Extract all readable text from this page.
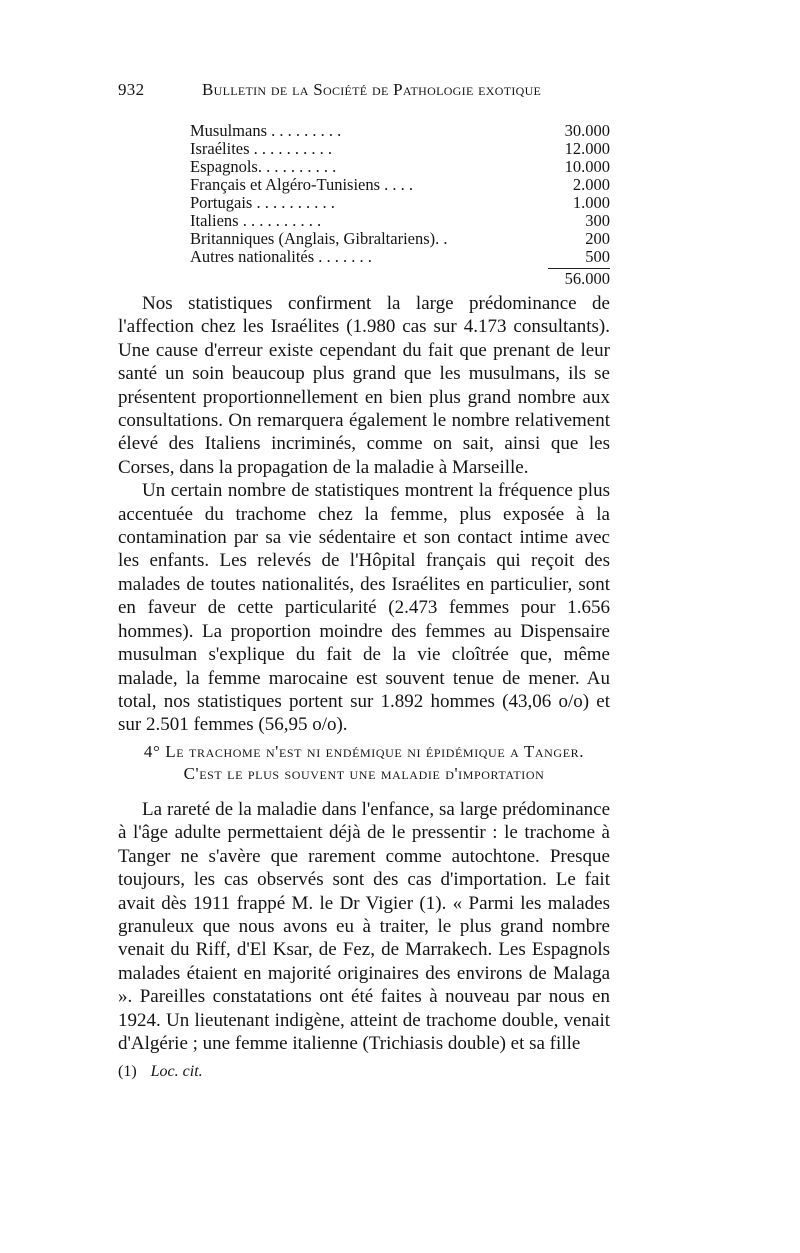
932	Bulletin de la Société de Pathologie exotique
Musulmans . . . . . . . . .	30.000
Israélites . . . . . . . . . .	12.000
Espagnols. . . . . . . . . .	10.000
Français et Algéro-Tunisiens . . . .	2.000
Portugais . . . . . . . . . .	1.000
Italiens . . . . . . . . . .	300
Britanniques (Anglais, Gibraltariens). .	200
Autres nationalités . . . . . . .	500
56.000

Nos statistiques confirment la large prédominance de l'affection chez les Israélites (1.980 cas sur 4.173 consultants). Une cause d'erreur existe cependant du fait que prenant de leur santé un soin beaucoup plus grand que les musulmans, ils se présentent proportionnellement en bien plus grand nombre aux consultations. On remarquera également le nombre relativement élevé des Italiens incriminés, comme on sait, ainsi que les Corses, dans la propagation de la maladie à Marseille.

Un certain nombre de statistiques montrent la fréquence plus accentuée du trachome chez la femme, plus exposée à la contamination par sa vie sédentaire et son contact intime avec les enfants. Les relevés de l'Hôpital français qui reçoit des malades de toutes nationalités, des Israélites en particulier, sont en faveur de cette particularité (2.473 femmes pour 1.656 hommes). La proportion moindre des femmes au Dispensaire musulman s'explique du fait de la vie cloîtrée que, même malade, la femme marocaine est souvent tenue de mener. Au total, nos statistiques portent sur 1.892 hommes (43,06 o/o) et sur 2.501 femmes (56,95 o/o).

4° Le trachome n'est ni endémique ni épidémique a Tanger.
C'est le plus souvent une maladie d'importation

La rareté de la maladie dans l'enfance, sa large prédominance à l'âge adulte permettaient déjà de le pressentir : le trachome à Tanger ne s'avère que rarement comme autochtone. Presque toujours, les cas observés sont des cas d'importation. Le fait avait dès 1911 frappé M. le Dr Vigier (1). « Parmi les malades granuleux que nous avons eu à traiter, le plus grand nombre venait du Riff, d'El Ksar, de Fez, de Marrakech. Les Espagnols malades étaient en majorité originaires des environs de Malaga ». Pareilles constatations ont été faites à nouveau par nous en 1924. Un lieutenant indigène, atteint de trachome double, venait d'Algérie ; une femme italienne (Trichiasis double) et sa fille

(1) Loc. cit.
